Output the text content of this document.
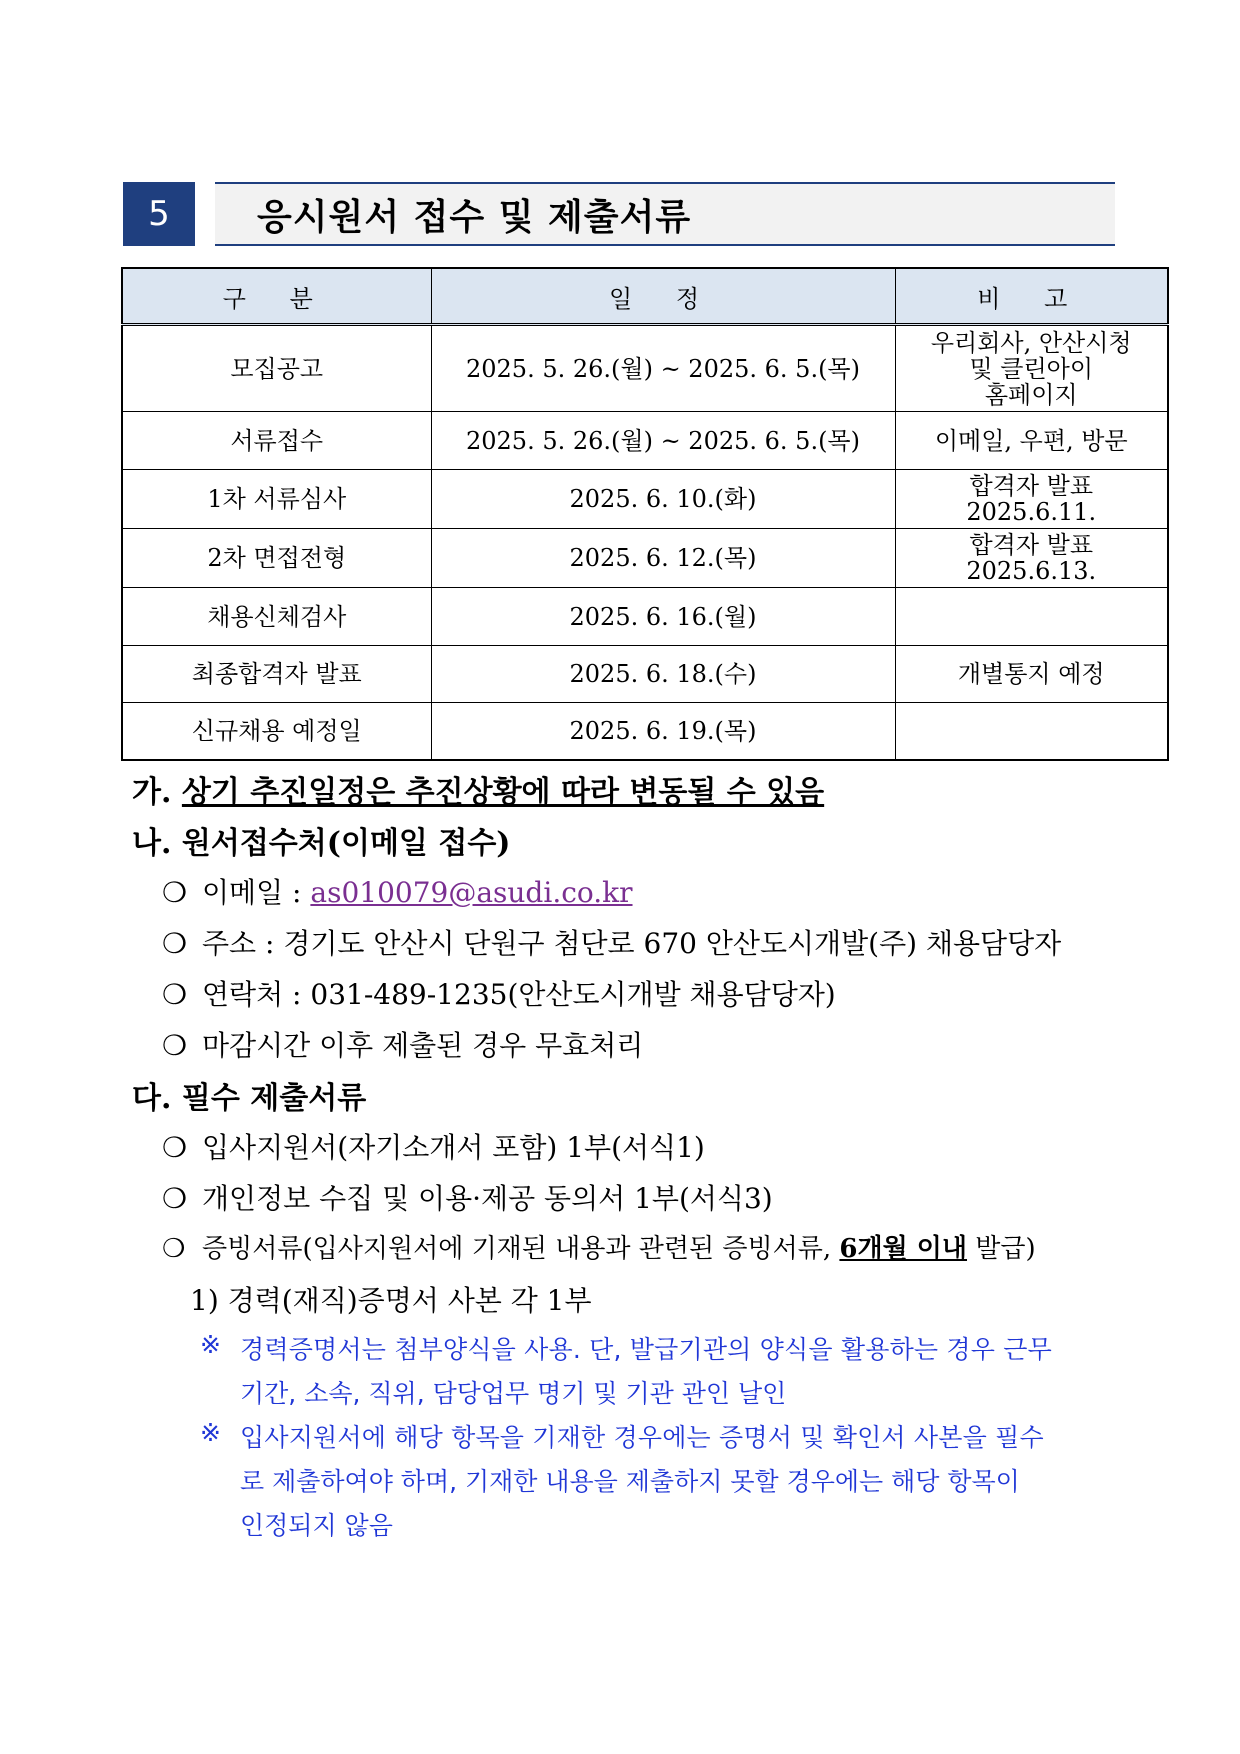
5	응시원서 접수 및 제출서류
구 분	일 정	비 고
모집공고	2025. 5. 26.(월) ~ 2025. 6. 5.(목)	우리회사, 안산시청
및 클린아이
홈페이지

서류접수	2025. 5. 26.(월) ~ 2025. 6. 5.(목)	이메일, 우편, 방문

1차 서류심사	2025. 6. 10.(화)	합격자 발표
2025.6.11.

2차 면접전형	2025. 6. 12.(목)	합격자 발표
2025.6.13.

채용신체검사	2025. 6. 16.(월)	
최종합격자 발표	2025. 6. 18.(수)	개별통지 예정

신규채용 예정일	2025. 6. 19.(목)	
가. 상기 추진일정은 추진상황에 따라 변동될 수 있음
나. 원서접수처(이메일 접수)
❍ 이메일 : as010079@asudi.co.kr
❍ 주소 : 경기도 안산시 단원구 첨단로 670 안산도시개발(주) 채용담당자
❍ 연락처 : 031-489-1235(안산도시개발 채용담당자)
❍ 마감시간 이후 제출된 경우 무효처리
다. 필수 제출서류
❍ 입사지원서(자기소개서 포함) 1부(서식1)
❍ 개인정보 수집 및 이용·제공 동의서 1부(서식3)
❍ 증빙서류(입사지원서에 기재된 내용과 관련된 증빙서류, 6개월 이내 발급)
1) 경력(재직)증명서 사본 각 1부
※ 경력증명서는 첨부양식을 사용. 단, 발급기관의 양식을 활용하는 경우 근무
기간, 소속, 직위, 담당업무 명기 및 기관 관인 날인
※ 입사지원서에 해당 항목을 기재한 경우에는 증명서 및 확인서 사본을 필수
로 제출하여야 하며, 기재한 내용을 제출하지 못할 경우에는 해당 항목이
인정되지 않음
